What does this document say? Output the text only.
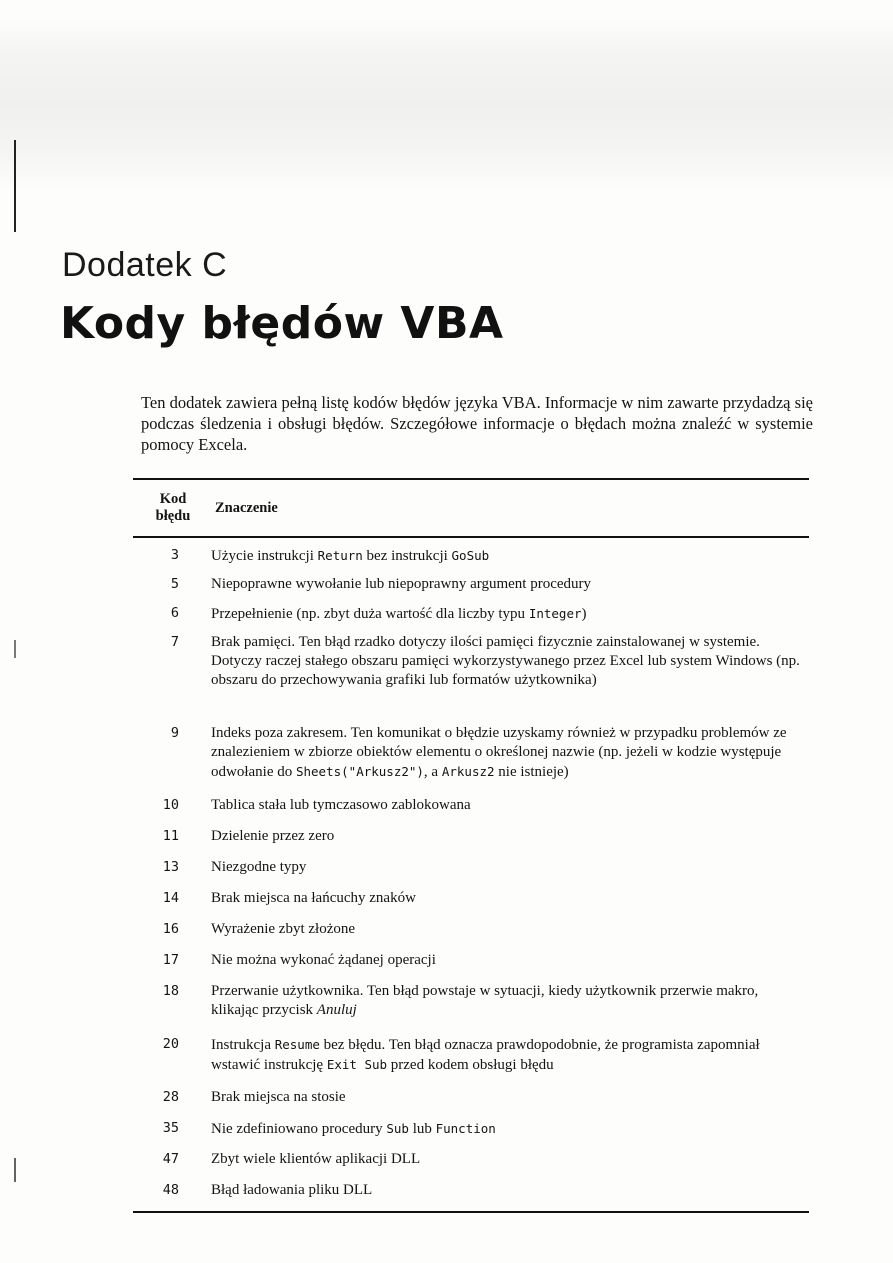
Dodatek C
Kody błędów VBA

Ten dodatek zawiera pełną listę kodów błędów języka VBA. Informacje w nim zawarte przydadzą się podczas śledzenia i obsługi błędów. Szczegółowe informacje o błędach można znaleźć w systemie pomocy Excela.

Kod
błędu
Znaczenie
3 Użycie instrukcji Return bez instrukcji GoSub
5 Niepoprawne wywołanie lub niepoprawny argument procedury
6 Przepełnienie (np. zbyt duża wartość dla liczby typu Integer)
7 Brak pamięci. Ten błąd rzadko dotyczy ilości pamięci fizycznie zainstalowanej w systemie. Dotyczy raczej stałego obszaru pamięci wykorzystywanego przez Excel lub system Windows (np. obszaru do przechowywania grafiki lub formatów użytkownika)
9 Indeks poza zakresem. Ten komunikat o błędzie uzyskamy również w przypadku problemów ze znalezieniem w zbiorze obiektów elementu o określonej nazwie (np. jeżeli w kodzie występuje odwołanie do Sheets("Arkusz2"), a Arkusz2 nie istnieje)
10 Tablica stała lub tymczasowo zablokowana
11 Dzielenie przez zero
13 Niezgodne typy
14 Brak miejsca na łańcuchy znaków
16 Wyrażenie zbyt złożone
17 Nie można wykonać żądanej operacji
18 Przerwanie użytkownika. Ten błąd powstaje w sytuacji, kiedy użytkownik przerwie makro, klikając przycisk Anuluj
20 Instrukcja Resume bez błędu. Ten błąd oznacza prawdopodobnie, że programista zapomniał wstawić instrukcję Exit Sub przed kodem obsługi błędu
28 Brak miejsca na stosie
35 Nie zdefiniowano procedury Sub lub Function
47 Zbyt wiele klientów aplikacji DLL
48 Błąd ładowania pliku DLL
